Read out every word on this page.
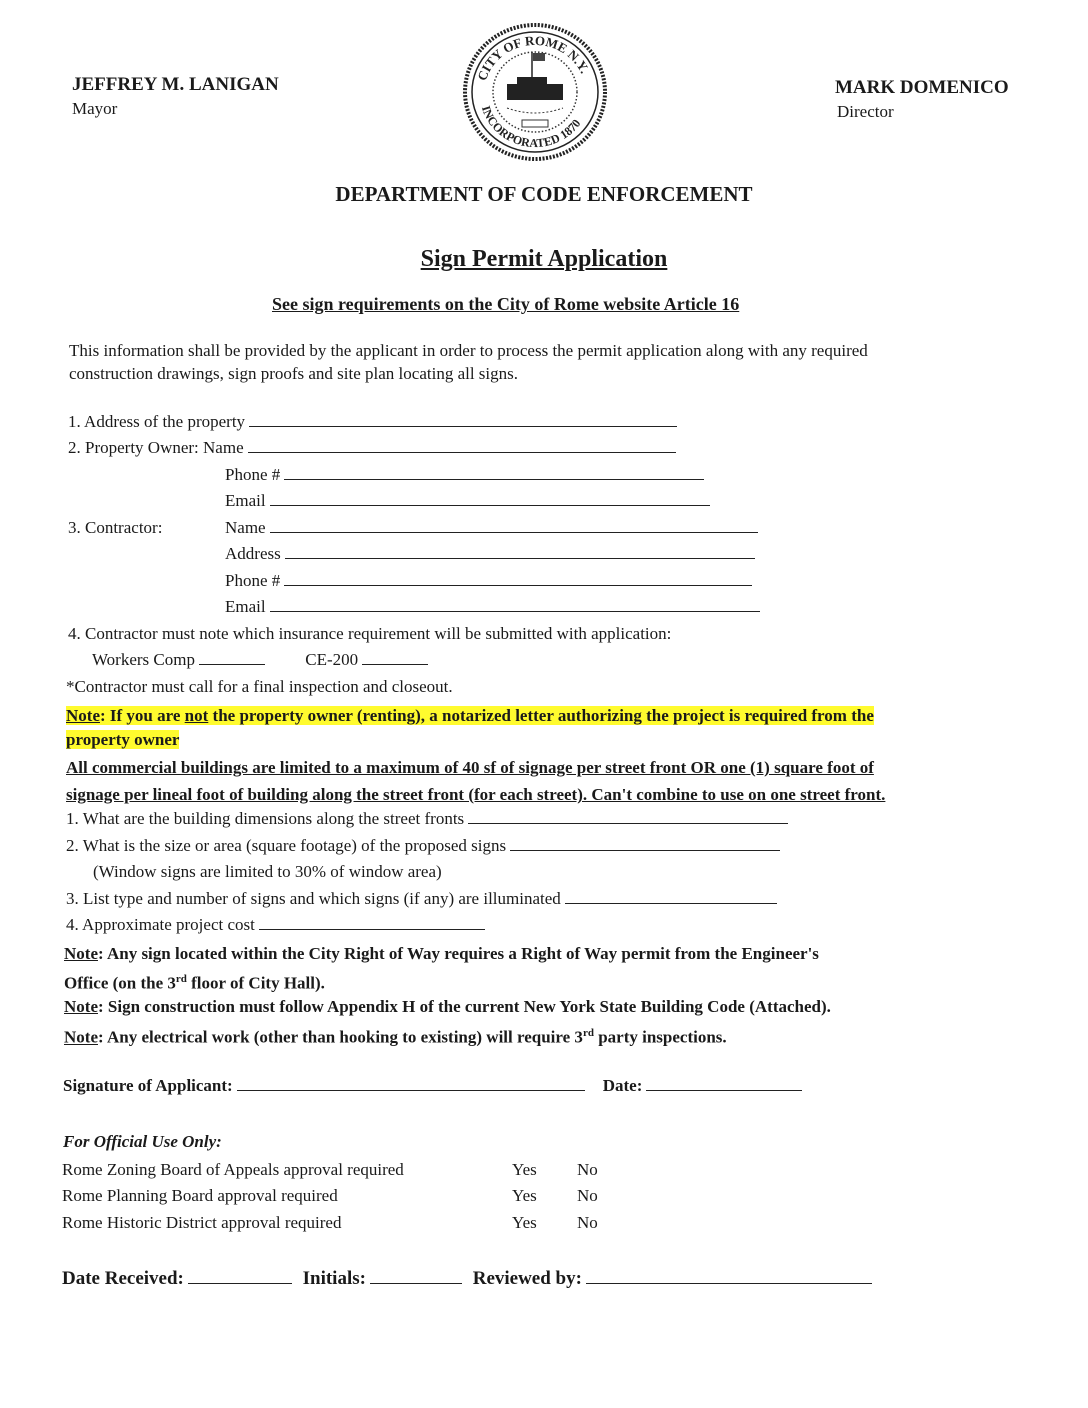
JEFFREY M. LANIGAN
Mayor
MARK DOMENICO
Director
CITY OF ROME N.Y.
INCORPORATED 1870
DEPARTMENT OF CODE ENFORCEMENT
Sign Permit Application
See sign requirements on the City of Rome website Article 16
This information shall be provided by the applicant in order to process the permit application along with any required
construction drawings, sign proofs and site plan locating all signs.
1. Address of the property
2. Property Owner: Name
Phone #
Email
3. Contractor:	Name
Address
Phone #
Email
4. Contractor must note which insurance requirement will be submitted with application:
Workers Comp	CE-200
*Contractor must call for a final inspection and closeout.
Note: If you are not the property owner (renting), a notarized letter authorizing the project is required from the
property owner
All commercial buildings are limited to a maximum of 40 sf of signage per street front OR one (1) square foot of
signage per lineal foot of building along the street front (for each street). Can't combine to use on one street front.
1. What are the building dimensions along the street fronts
2. What is the size or area (square footage) of the proposed signs
(Window signs are limited to 30% of window area)
3. List type and number of signs and which signs (if any) are illuminated
4. Approximate project cost
Note: Any sign located within the City Right of Way requires a Right of Way permit from the Engineer's
Office (on the 3rd floor of City Hall).
Note: Sign construction must follow Appendix H of the current New York State Building Code (Attached).
Note: Any electrical work (other than hooking to existing) will require 3rd party inspections.
Signature of Applicant:	Date:
For Official Use Only:
Rome Zoning Board of Appeals approval required	Yes No
Rome Planning Board approval required	Yes No
Rome Historic District approval required	Yes No
Date Received:	Initials:	Reviewed by:
